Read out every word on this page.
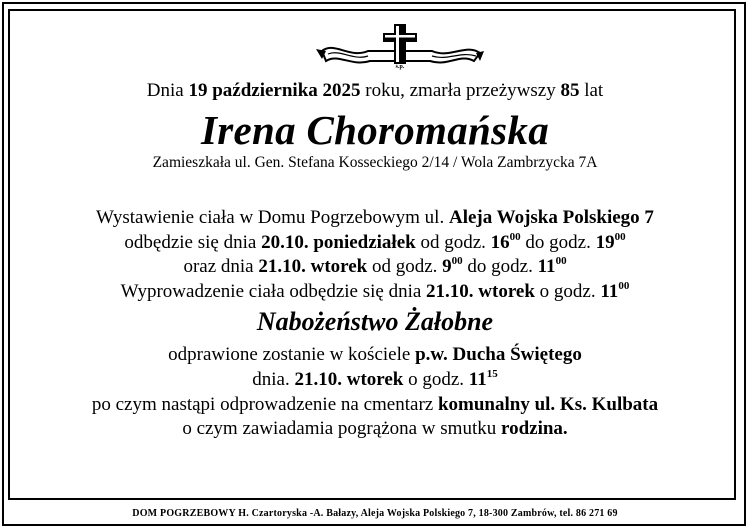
ś.p.
Dnia 19 października 2025 roku, zmarła przeżywszy 85 lat
Irena Choromańska
Zamieszkała ul. Gen. Stefana Kosseckiego 2/14 / Wola Zambrzycka 7A
Wystawienie ciała w Domu Pogrzebowym ul. Aleja Wojska Polskiego 7
odbędzie się dnia 20.10. poniedziałek od godz. $16^{00}$ do godz. $19^{00}$
oraz dnia 21.10. wtorek od godz. $9^{00}$ do godz. $11^{00}$
Wyprowadzenie ciała odbędzie się dnia 21.10. wtorek o godz. $11^{00}$
Nabożeństwo Żałobne
odprawione zostanie w kościele p.w. Ducha Świętego
dnia. 21.10. wtorek o godz. $11^{15}$
po czym nastąpi odprowadzenie na cmentarz komunalny ul. Ks. Kulbata
o czym zawiadamia pogrążona w smutku rodzina.
DOM POGRZEBOWY H. Czartoryska -A. Bałazy, Aleja Wojska Polskiego 7, 18-300 Zambrów, tel. 86 271 69
